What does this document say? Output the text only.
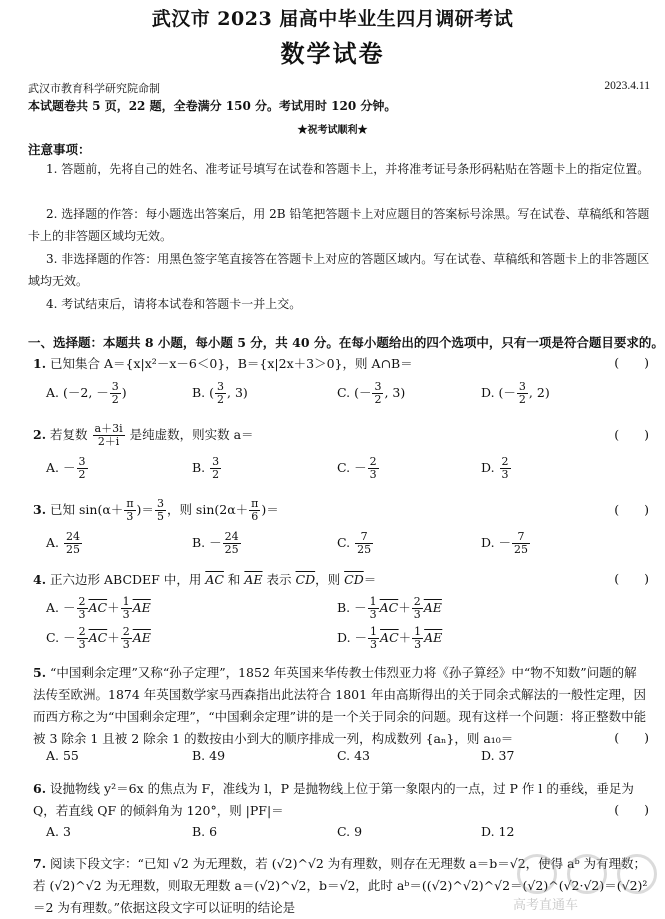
武汉市 2023 届高中毕业生四月调研考试
数学试卷
武汉市教育科学研究院命制	2023.4.11
本试题卷共 5 页，22 题，全卷满分 150 分。考试用时 120 分钟。
★祝考试顺利★
注意事项：
1. 答题前，先将自己的姓名、准考证号填写在试卷和答题卡上，并将准考证号条形码粘贴在答题卡上的指定位置。
2. 选择题的作答：每小题选出答案后，用 2B 铅笔把答题卡上对应题目的答案标号涂黑。写在试卷、草稿纸和答题卡上的非答题区域均无效。
3. 非选择题的作答：用黑色签字笔直接答在答题卡上对应的答题区域内。写在试卷、草稿纸和答题卡上的非答题区域均无效。
4. 考试结束后，请将本试卷和答题卡一并上交。
一、选择题：本题共 8 小题，每小题 5 分，共 40 分。在每小题给出的四个选项中，只有一项是符合题目要求的。
1. 已知集合 A＝{x|x²－x－6＜0}，B＝{x|2x＋3＞0}，则 A∩B＝	(　　)
A. (－2, － $\frac{3}{2}$ )	B. ( $\frac{3}{2}$ , 3)	C. (－ $\frac{3}{2}$ , 3)	D. (－ $\frac{3}{2}$ , 2)
2. 若复数 $\frac{a+3i}{2+i}$ 是纯虚数，则实数 a＝	(　　)
A. － $\frac{3}{2}$	B. $\frac{3}{2}$	C. － $\frac{2}{3}$	D. $\frac{2}{3}$
3. 已知 $\sin(\alpha+ \frac{\pi}{3}$ )＝ $\frac{3}{5}$ ，则 $\sin(2\alpha+ \frac{\pi}{6}$ )＝	(　　)
A. $\frac{24}{25}$	B. － $\frac{24}{25}$	C. $\frac{7}{25}$	D. － $\frac{7}{25}$
4. 正六边形 ABCDEF 中，用 $\overline{AC}$ 和 $\overline{AE}$ 表示 $\overline{CD}$，则 $\overline{CD}=$	(　　)
A. － $\frac{2}{3} \overline{AC}+ \frac{1}{3} \overline{AE}$	B. － $\frac{1}{3} \overline{AC}+ \frac{2}{3} \overline{AE}$
C. － $\frac{2}{3} \overline{AC}+ \frac{2}{3} \overline{AE}$	D. － $\frac{1}{3} \overline{AC}+ \frac{1}{3} \overline{AE}$
5. “中国剩余定理”又称“孙子定理”，1852 年英国来华传教士伟烈亚力将《孙子算经》中“物不知数”问题的解法传至欧洲。1874 年英国数学家马西森指出此法符合 1801 年由高斯得出的关于同余式解法的一般性定理，因而西方称之为“中国剩余定理”，“中国剩余定理”讲的是一个关于同余的问题。现有这样一个问题：将正整数中能被 3 除余 1 且被 2 除余 1 的数按由小到大的顺序排成一列，构成数列 {aₙ}，则 a₁₀＝	(　　)
A. 55	B. 49	C. 43	D. 37
6. 设抛物线 y²＝6x 的焦点为 F，准线为 l，P 是抛物线上位于第一象限内的一点，过 P 作 l 的垂线，垂足为 Q，若直线 QF 的倾斜角为 120°，则 |PF|＝	(　　)
A. 3	B. 6	C. 9	D. 12
7. 阅读下段文字：“已知 √2 为无理数，若 (√2)^√2 为有理数，则存在无理数 a＝b＝√2，使得 aᵇ 为有理数；若 (√2)^√2 为无理数，则取无理数 a＝(√2)^√2，b＝√2，此时 aᵇ＝((√2)^√2)^√2＝(√2)^(√2·√2)＝(√2)²＝2 为有理数。”依据这段文字可以证明的结论是	高考直通车
